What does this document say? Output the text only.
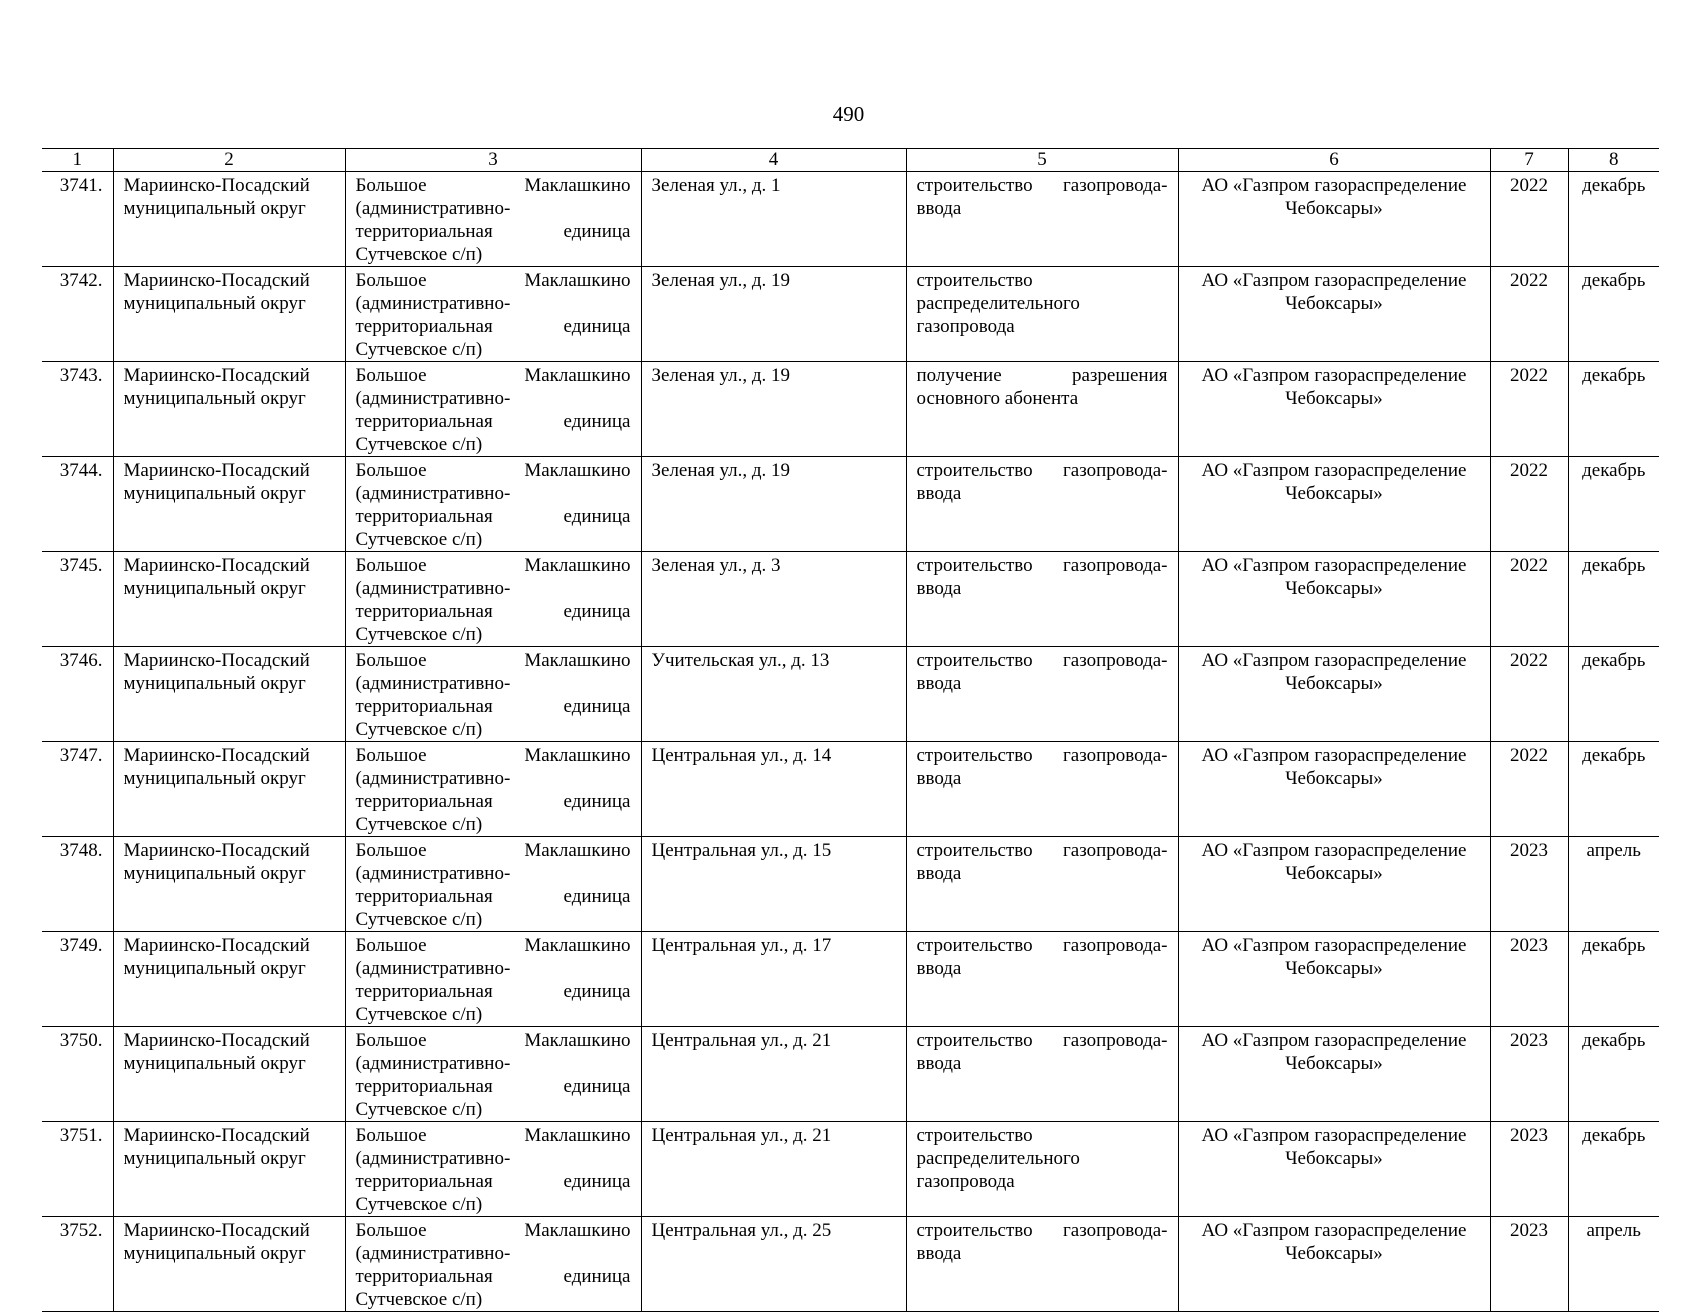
490
1	2	3	4	5	6	7	8
3741.	Мариинско-Посадский муниципальный округ	Большое Маклашкино (административно-территориальная единица Сутчевское с/п)	Зеленая ул., д. 1	строительство газопровода-ввода	АО «Газпром газораспределение Чебоксары»	2022	декабрь
3742.	Мариинско-Посадский муниципальный округ	Большое Маклашкино (административно-территориальная единица Сутчевское с/п)	Зеленая ул., д. 19	строительство распределительного газопровода	АО «Газпром газораспределение Чебоксары»	2022	декабрь
3743.	Мариинско-Посадский муниципальный округ	Большое Маклашкино (административно-территориальная единица Сутчевское с/п)	Зеленая ул., д. 19	получение разрешения основного абонента	АО «Газпром газораспределение Чебоксары»	2022	декабрь
3744.	Мариинско-Посадский муниципальный округ	Большое Маклашкино (административно-территориальная единица Сутчевское с/п)	Зеленая ул., д. 19	строительство газопровода-ввода	АО «Газпром газораспределение Чебоксары»	2022	декабрь
3745.	Мариинско-Посадский муниципальный округ	Большое Маклашкино (административно-территориальная единица Сутчевское с/п)	Зеленая ул., д. 3	строительство газопровода-ввода	АО «Газпром газораспределение Чебоксары»	2022	декабрь
3746.	Мариинско-Посадский муниципальный округ	Большое Маклашкино (административно-территориальная единица Сутчевское с/п)	Учительская ул., д. 13	строительство газопровода-ввода	АО «Газпром газораспределение Чебоксары»	2022	декабрь
3747.	Мариинско-Посадский муниципальный округ	Большое Маклашкино (административно-территориальная единица Сутчевское с/п)	Центральная ул., д. 14	строительство газопровода-ввода	АО «Газпром газораспределение Чебоксары»	2022	декабрь
3748.	Мариинско-Посадский муниципальный округ	Большое Маклашкино (административно-территориальная единица Сутчевское с/п)	Центральная ул., д. 15	строительство газопровода-ввода	АО «Газпром газораспределение Чебоксары»	2023	апрель
3749.	Мариинско-Посадский муниципальный округ	Большое Маклашкино (административно-территориальная единица Сутчевское с/п)	Центральная ул., д. 17	строительство газопровода-ввода	АО «Газпром газораспределение Чебоксары»	2023	декабрь
3750.	Мариинско-Посадский муниципальный округ	Большое Маклашкино (административно-территориальная единица Сутчевское с/п)	Центральная ул., д. 21	строительство газопровода-ввода	АО «Газпром газораспределение Чебоксары»	2023	декабрь
3751.	Мариинско-Посадский муниципальный округ	Большое Маклашкино (административно-территориальная единица Сутчевское с/п)	Центральная ул., д. 21	строительство распределительного газопровода	АО «Газпром газораспределение Чебоксары»	2023	декабрь
3752.	Мариинско-Посадский муниципальный округ	Большое Маклашкино (административно-территориальная единица Сутчевское с/п)	Центральная ул., д. 25	строительство газопровода-ввода	АО «Газпром газораспределение Чебоксары»	2023	апрель
